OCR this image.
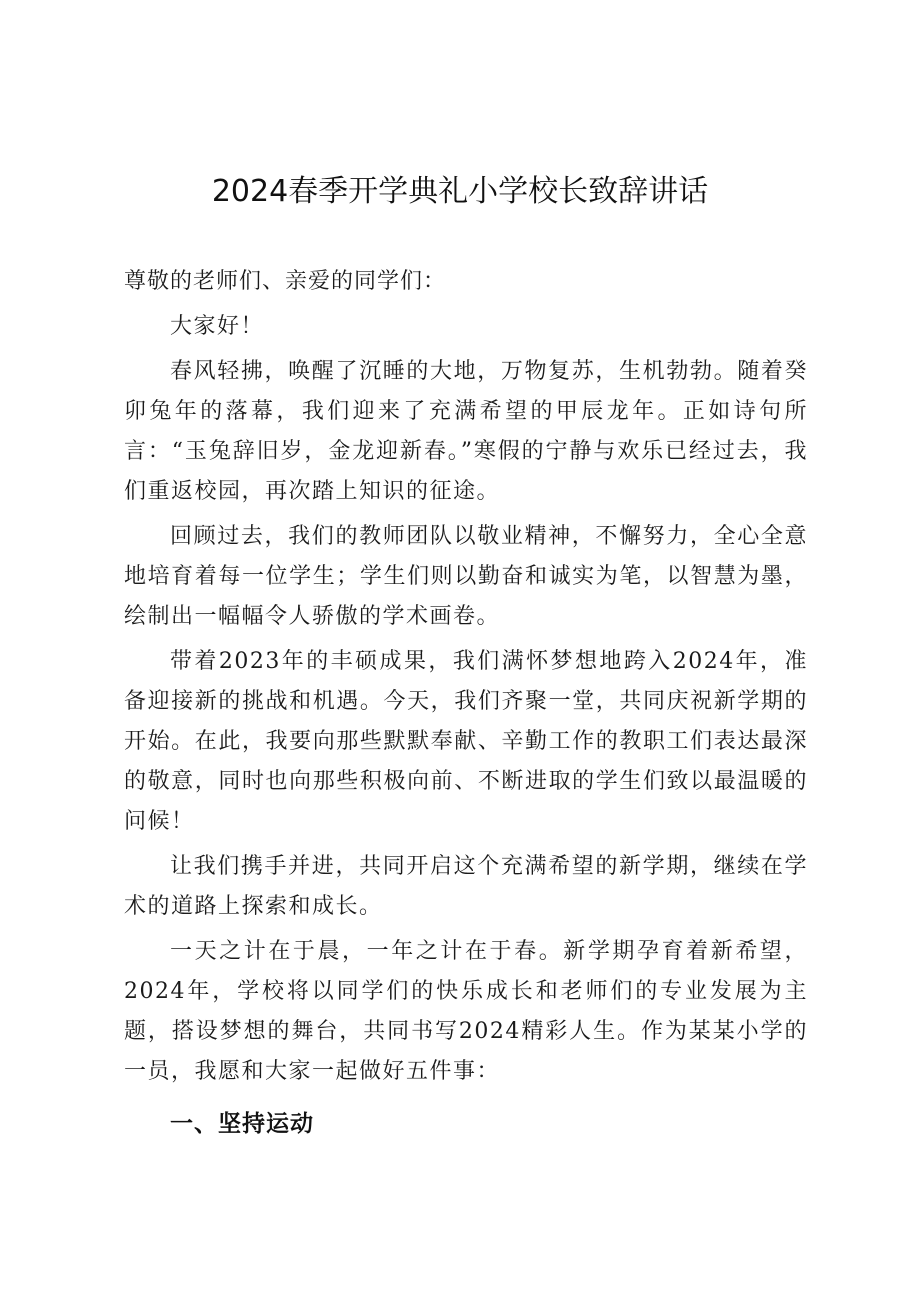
2024春季开学典礼小学校长致辞讲话
尊敬的老师们、亲爱的同学们：

大家好！

春风轻拂，唤醒了沉睡的大地，万物复苏，生机勃勃。随着癸卯兔年的落幕，我们迎来了充满希望的甲辰龙年。正如诗句所言：“玉兔辞旧岁，金龙迎新春。”寒假的宁静与欢乐已经过去，我们重返校园，再次踏上知识的征途。

回顾过去，我们的教师团队以敬业精神，不懈努力，全心全意地培育着每一位学生；学生们则以勤奋和诚实为笔，以智慧为墨，绘制出一幅幅令人骄傲的学术画卷。

带着2023年的丰硕成果，我们满怀梦想地跨入2024年，准备迎接新的挑战和机遇。今天，我们齐聚一堂，共同庆祝新学期的开始。在此，我要向那些默默奉献、辛勤工作的教职工们表达最深的敬意，同时也向那些积极向前、不断进取的学生们致以最温暖的问候！

让我们携手并进，共同开启这个充满希望的新学期，继续在学术的道路上探索和成长。

一天之计在于晨，一年之计在于春。新学期孕育着新希望，2024年，学校将以同学们的快乐成长和老师们的专业发展为主题，搭设梦想的舞台，共同书写2024精彩人生。作为某某小学的一员，我愿和大家一起做好五件事：

一、坚持运动
